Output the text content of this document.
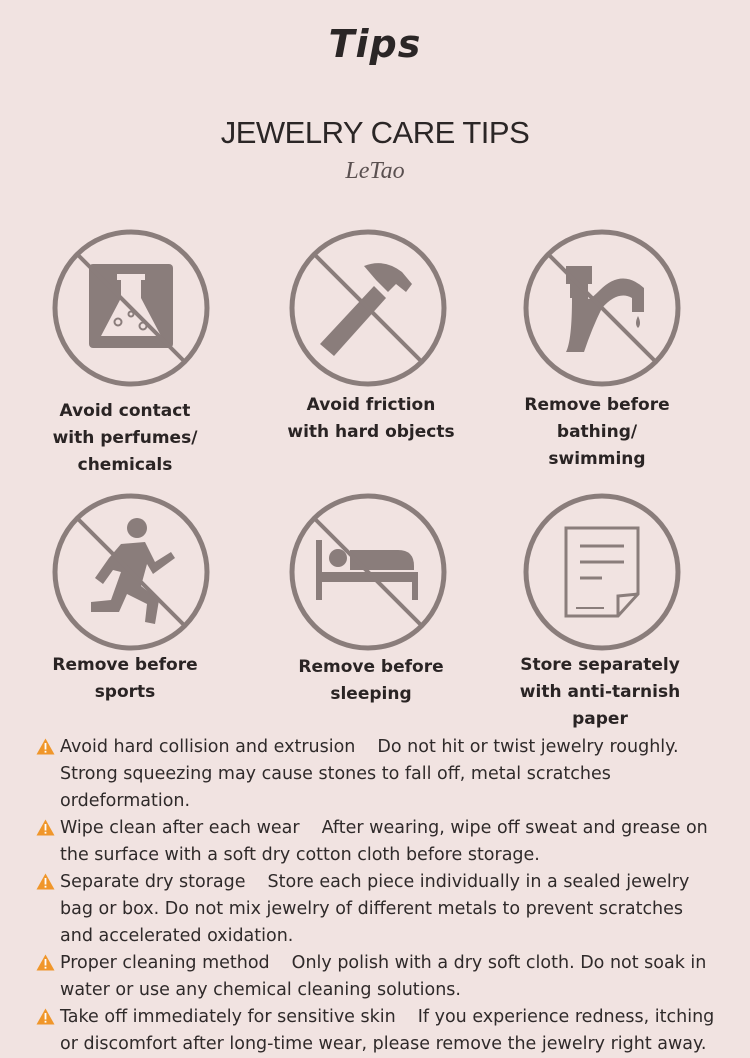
Tips
JEWELRY CARE TIPS
LeTao
Avoid contact
with perfumes/
chemicals
Avoid friction
with hard objects
Remove before
bathing/
swimming
Remove before
sports
Remove before
sleeping
Store separately
with anti-tarnish
paper
Avoid hard collision and extrusion Do not hit or twist jewelry roughly. Strong squeezing may cause stones to fall off, metal scratches ordeformation.
Wipe clean after each wear After wearing, wipe off sweat and grease on the surface with a soft dry cotton cloth before storage.
Separate dry storage Store each piece individually in a sealed jewelry bag or box. Do not mix jewelry of different metals to prevent scratches and accelerated oxidation.
Proper cleaning method Only polish with a dry soft cloth. Do not soak in water or use any chemical cleaning solutions.
Take off immediately for sensitive skin If you experience redness, itching or discomfort after long-time wear, please remove the jewelry right away.
